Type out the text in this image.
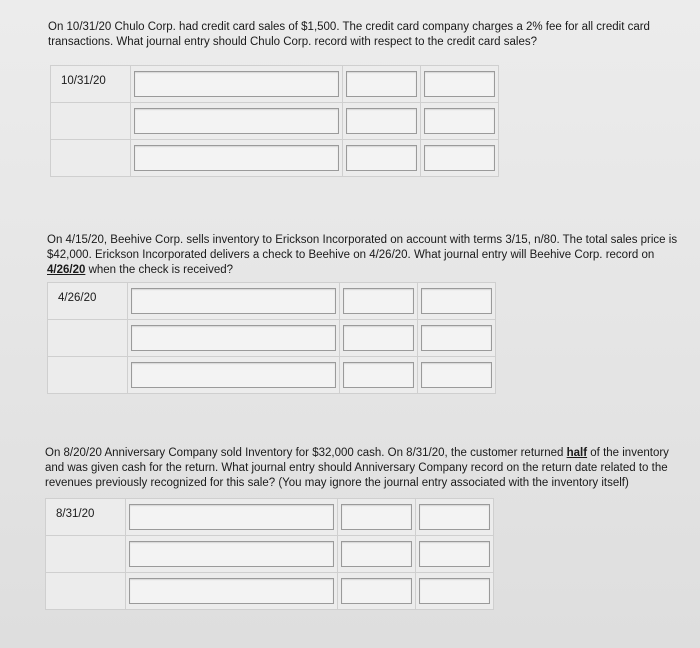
On 10/31/20 Chulo Corp. had credit card sales of $1,500. The credit card company charges a 2% fee for all credit card
transactions. What journal entry should Chulo Corp. record with respect to the credit card sales?

10/31/20	

On 4/15/20, Beehive Corp. sells inventory to Erickson Incorporated on account with terms 3/15, n/80. The total sales price is
$42,000. Erickson Incorporated delivers a check to Beehive on 4/26/20. What journal entry will Beehive Corp. record on
4/26/20 when the check is received?

4/26/20	

On 8/20/20 Anniversary Company sold Inventory for $32,000 cash. On 8/31/20, the customer returned half of the inventory
and was given cash for the return. What journal entry should Anniversary Company record on the return date related to the
revenues previously recognized for this sale? (You may ignore the journal entry associated with the inventory itself)

8/31/20	
